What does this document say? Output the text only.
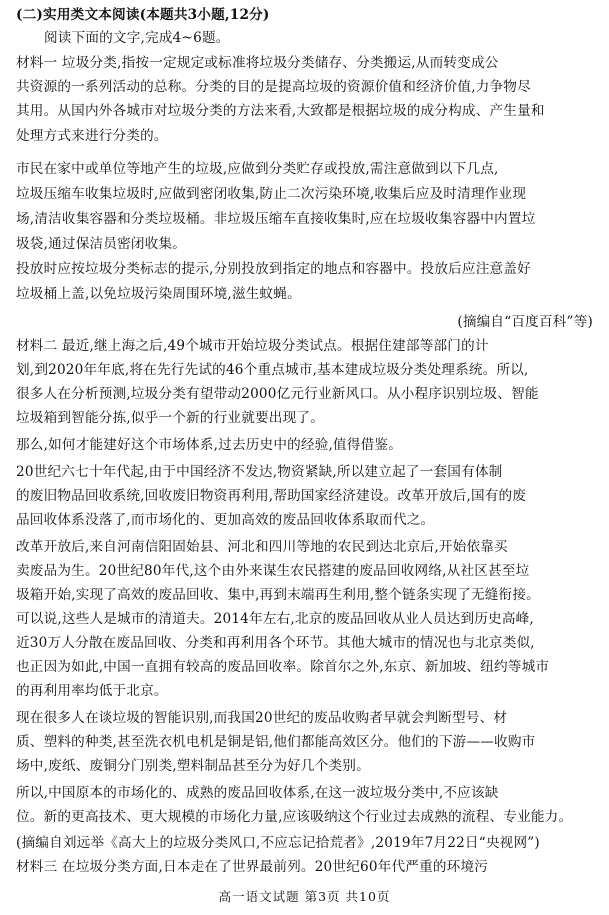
(二)实用类文本阅读(本题共3小题,12分)
阅读下面的文字,完成4~6题。
材料一 垃圾分类,指按一定规定或标准将垃圾分类储存、分类搬运,从而转变成公
共资源的一系列活动的总称。分类的目的是提高垃圾的资源价值和经济价值,力争物尽
其用。从国内外各城市对垃圾分类的方法来看,大致都是根据垃圾的成分构成、产生量和
处理方式来进行分类的。
市民在家中或单位等地产生的垃圾,应做到分类贮存或投放,需注意做到以下几点,
垃圾压缩车收集垃圾时,应做到密闭收集,防止二次污染环境,收集后应及时清理作业现
场,清洁收集容器和分类垃圾桶。非垃圾压缩车直接收集时,应在垃圾收集容器中内置垃
圾袋,通过保洁员密闭收集。
投放时应按垃圾分类标志的提示,分别投放到指定的地点和容器中。投放后应注意盖好
垃圾桶上盖,以免垃圾污染周围环境,滋生蚊蝇。
(摘编自“百度百科”等)
材料二 最近,继上海之后,49个城市开始垃圾分类试点。根据住建部等部门的计
划,到2020年年底,将在先行先试的46个重点城市,基本建成垃圾分类处理系统。所以,
很多人在分析预测,垃圾分类有望带动2000亿元行业新风口。从小程序识别垃圾、智能
垃圾箱到智能分拣,似乎一个新的行业就要出现了。
那么,如何才能建好这个市场体系,过去历史中的经验,值得借鉴。
20世纪六七十年代起,由于中国经济不发达,物资紧缺,所以建立起了一套国有体制
的废旧物品回收系统,回收废旧物资再利用,帮助国家经济建设。改革开放后,国有的废
品回收体系没落了,而市场化的、更加高效的废品回收体系取而代之。
改革开放后,来自河南信阳固始县、河北和四川等地的农民到达北京后,开始依靠买
卖废品为生。20世纪80年代,这个由外来谋生农民搭建的废品回收网络,从社区甚至垃
圾箱开始,实现了高效的废品回收、集中,再到末端再生利用,整个链条实现了无缝衔接。
可以说,这些人是城市的清道夫。2014年左右,北京的废品回收从业人员达到历史高峰,
近30万人分散在废品回收、分类和再利用各个环节。其他大城市的情况也与北京类似,
也正因为如此,中国一直拥有较高的废品回收率。除首尔之外,东京、新加坡、纽约等城市
的再利用率均低于北京。
现在很多人在谈垃圾的智能识别,而我国20世纪的废品收购者早就会判断型号、材
质、塑料的种类,甚至洗衣机电机是铜是铝,他们都能高效区分。他们的下游——收购市
场中,废纸、废铜分门别类,塑料制品甚至分为好几个类别。
所以,中国原本的市场化的、成熟的废品回收体系,在这一波垃圾分类中,不应该缺
位。新的更高技术、更大规模的市场化力量,应该吸纳这个行业过去成熟的流程、专业能力。
(摘编自刘远举《高大上的垃圾分类风口,不应忘记拾荒者》,2019年7月22日“央视网”)
材料三 在垃圾分类方面,日本走在了世界最前列。20世纪60年代严重的环境污
高一语文试题 第3页 共10页
